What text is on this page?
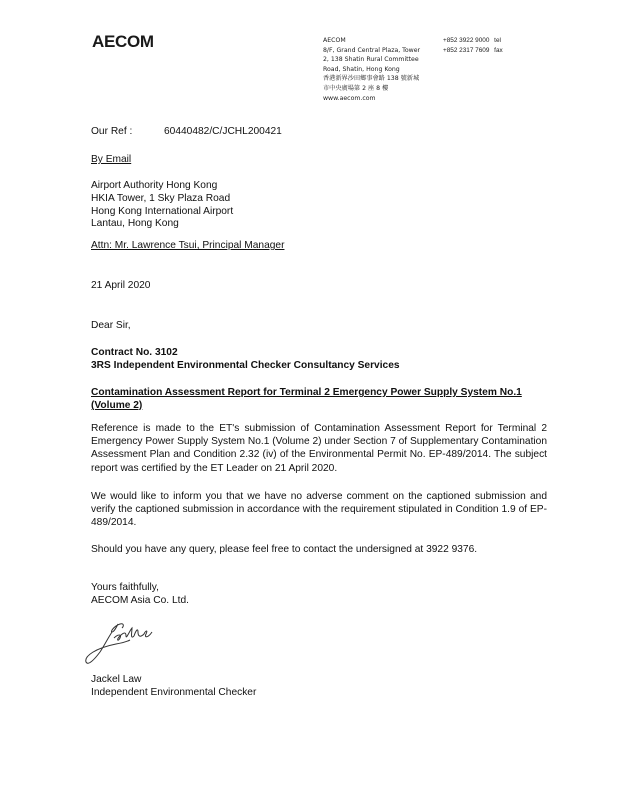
AECOM	AECOM
8/F, Grand Central Plaza, Tower
2, 138 Shatin Rural Committee
Road, Shatin, Hong Kong
香港新界沙田鄉事會路 138 號新城
市中央廣場第 2 座 8 樓
www.aecom.com
+852 3922 9000 tel
+852 2317 7609 fax
Our Ref :	60440482/C/JCHL200421
By Email
Airport Authority Hong Kong
HKIA Tower, 1 Sky Plaza Road
Hong Kong International Airport
Lantau, Hong Kong
Attn: Mr. Lawrence Tsui, Principal Manager
21 April 2020
Dear Sir,
Contract No. 3102
3RS Independent Environmental Checker Consultancy Services
Contamination Assessment Report for Terminal 2 Emergency Power Supply System No.1
(Volume 2)
Reference is made to the ET's submission of Contamination Assessment Report for Terminal 2 Emergency Power Supply System No.1 (Volume 2) under Section 7 of Supplementary Contamination Assessment Plan and Condition 2.32 (iv) of the Environmental Permit No. EP-489/2014. The subject report was certified by the ET Leader on 21 April 2020.
We would like to inform you that we have no adverse comment on the captioned submission and verify the captioned submission in accordance with the requirement stipulated in Condition 1.9 of EP-489/2014.
Should you have any query, please feel free to contact the undersigned at 3922 9376.
Yours faithfully,
AECOM Asia Co. Ltd.
Jackel Law
Independent Environmental Checker
